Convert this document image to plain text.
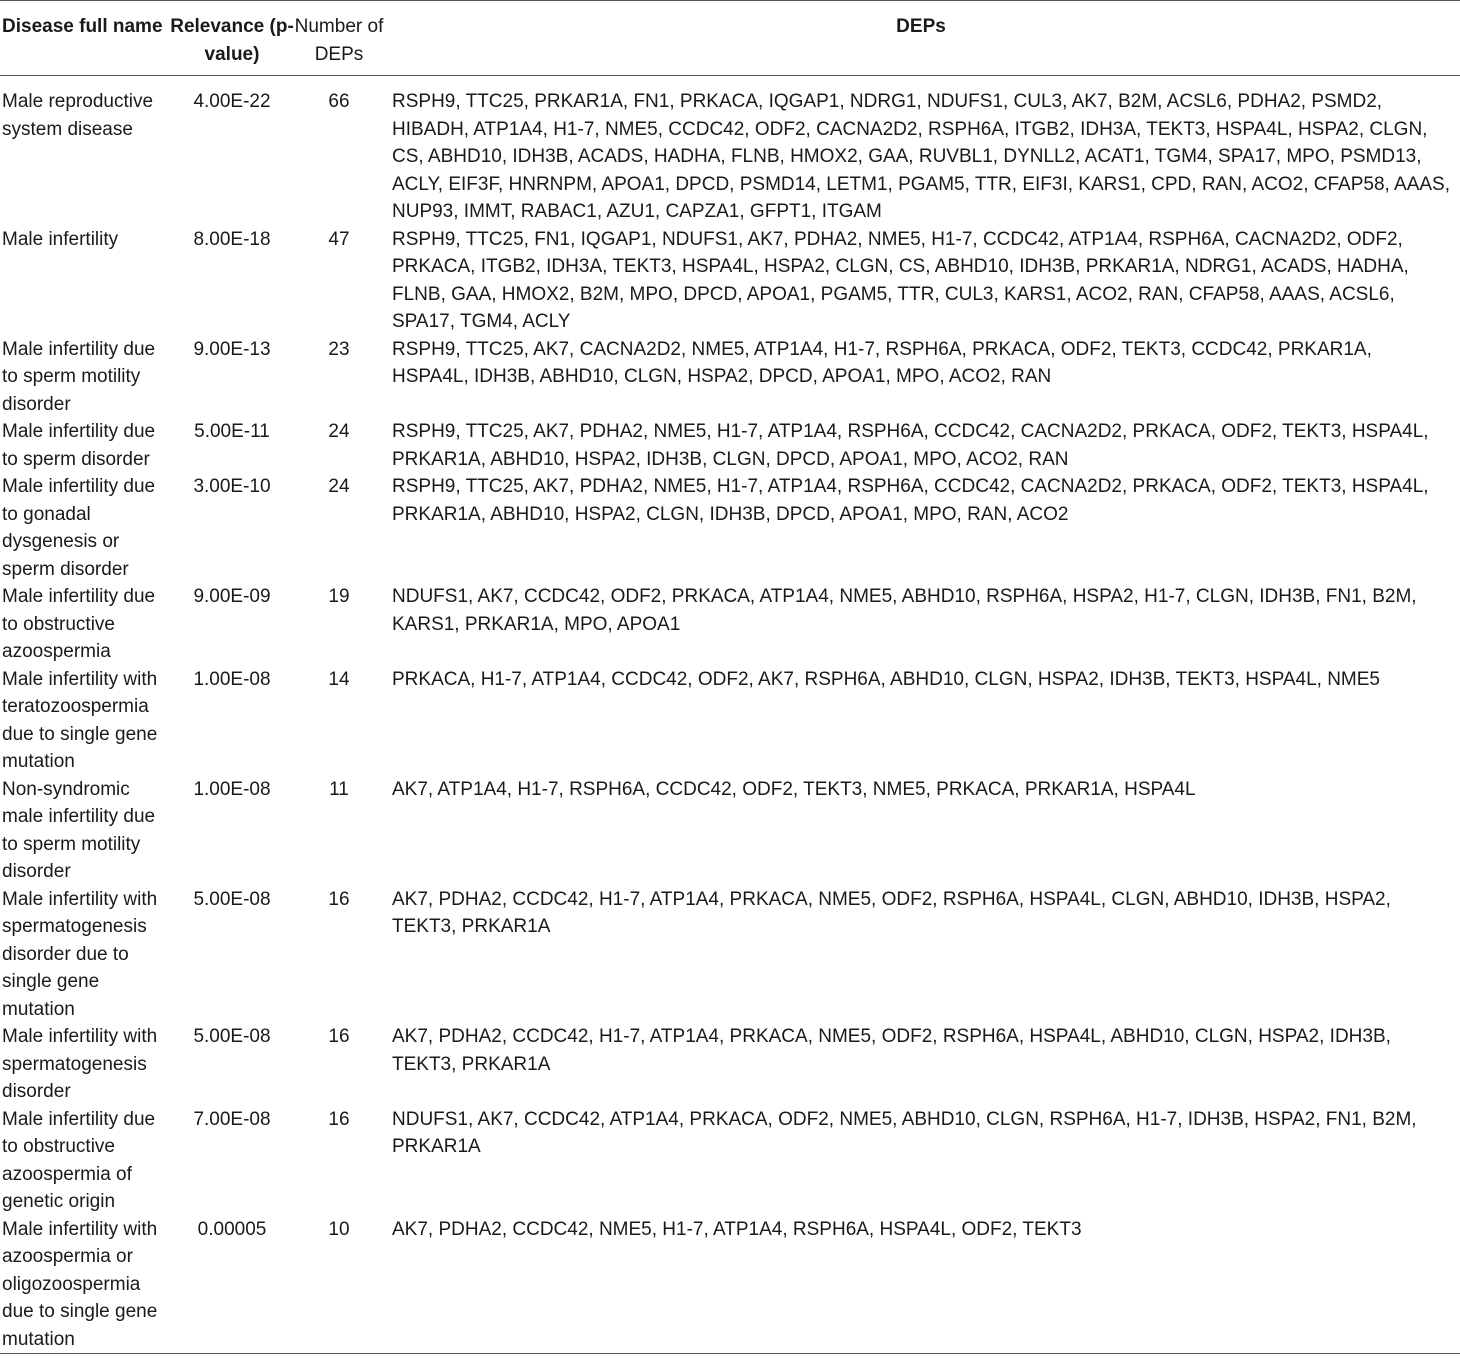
Disease full name	Relevance (p-value)	Number of DEPs	DEPs
Male reproductive system disease	4.00E-22	66	RSPH9, TTC25, PRKAR1A, FN1, PRKACA, IQGAP1, NDRG1, NDUFS1, CUL3, AK7, B2M, ACSL6, PDHA2, PSMD2, HIBADH, ATP1A4, H1-7, NME5, CCDC42, ODF2, CACNA2D2, RSPH6A, ITGB2, IDH3A, TEKT3, HSPA4L, HSPA2, CLGN, CS, ABHD10, IDH3B, ACADS, HADHA, FLNB, HMOX2, GAA, RUVBL1, DYNLL2, ACAT1, TGM4, SPA17, MPO, PSMD13, ACLY, EIF3F, HNRNPM, APOA1, DPCD, PSMD14, LETM1, PGAM5, TTR, EIF3I, KARS1, CPD, RAN, ACO2, CFAP58, AAAS, NUP93, IMMT, RABAC1, AZU1, CAPZA1, GFPT1, ITGAM
Male infertility	8.00E-18	47	RSPH9, TTC25, FN1, IQGAP1, NDUFS1, AK7, PDHA2, NME5, H1-7, CCDC42, ATP1A4, RSPH6A, CACNA2D2, ODF2, PRKACA, ITGB2, IDH3A, TEKT3, HSPA4L, HSPA2, CLGN, CS, ABHD10, IDH3B, PRKAR1A, NDRG1, ACADS, HADHA, FLNB, GAA, HMOX2, B2M, MPO, DPCD, APOA1, PGAM5, TTR, CUL3, KARS1, ACO2, RAN, CFAP58, AAAS, ACSL6, SPA17, TGM4, ACLY
Male infertility due to sperm motility disorder	9.00E-13	23	RSPH9, TTC25, AK7, CACNA2D2, NME5, ATP1A4, H1-7, RSPH6A, PRKACA, ODF2, TEKT3, CCDC42, PRKAR1A, HSPA4L, IDH3B, ABHD10, CLGN, HSPA2, DPCD, APOA1, MPO, ACO2, RAN
Male infertility due to sperm disorder	5.00E-11	24	RSPH9, TTC25, AK7, PDHA2, NME5, H1-7, ATP1A4, RSPH6A, CCDC42, CACNA2D2, PRKACA, ODF2, TEKT3, HSPA4L, PRKAR1A, ABHD10, HSPA2, IDH3B, CLGN, DPCD, APOA1, MPO, ACO2, RAN
Male infertility due to gonadal dysgenesis or sperm disorder	3.00E-10	24	RSPH9, TTC25, AK7, PDHA2, NME5, H1-7, ATP1A4, RSPH6A, CCDC42, CACNA2D2, PRKACA, ODF2, TEKT3, HSPA4L, PRKAR1A, ABHD10, HSPA2, CLGN, IDH3B, DPCD, APOA1, MPO, RAN, ACO2
Male infertility due to obstructive azoospermia	9.00E-09	19	NDUFS1, AK7, CCDC42, ODF2, PRKACA, ATP1A4, NME5, ABHD10, RSPH6A, HSPA2, H1-7, CLGN, IDH3B, FN1, B2M, KARS1, PRKAR1A, MPO, APOA1
Male infertility with teratozoospermia due to single gene mutation	1.00E-08	14	PRKACA, H1-7, ATP1A4, CCDC42, ODF2, AK7, RSPH6A, ABHD10, CLGN, HSPA2, IDH3B, TEKT3, HSPA4L, NME5
Non-syndromic male infertility due to sperm motility disorder	1.00E-08	11	AK7, ATP1A4, H1-7, RSPH6A, CCDC42, ODF2, TEKT3, NME5, PRKACA, PRKAR1A, HSPA4L
Male infertility with spermatogenesis disorder due to single gene mutation	5.00E-08	16	AK7, PDHA2, CCDC42, H1-7, ATP1A4, PRKACA, NME5, ODF2, RSPH6A, HSPA4L, CLGN, ABHD10, IDH3B, HSPA2, TEKT3, PRKAR1A
Male infertility with spermatogenesis disorder	5.00E-08	16	AK7, PDHA2, CCDC42, H1-7, ATP1A4, PRKACA, NME5, ODF2, RSPH6A, HSPA4L, ABHD10, CLGN, HSPA2, IDH3B, TEKT3, PRKAR1A
Male infertility due to obstructive azoospermia of genetic origin	7.00E-08	16	NDUFS1, AK7, CCDC42, ATP1A4, PRKACA, ODF2, NME5, ABHD10, CLGN, RSPH6A, H1-7, IDH3B, HSPA2, FN1, B2M, PRKAR1A
Male infertility with azoospermia or oligozoospermia due to single gene mutation	0.00005	10	AK7, PDHA2, CCDC42, NME5, H1-7, ATP1A4, RSPH6A, HSPA4L, ODF2, TEKT3
